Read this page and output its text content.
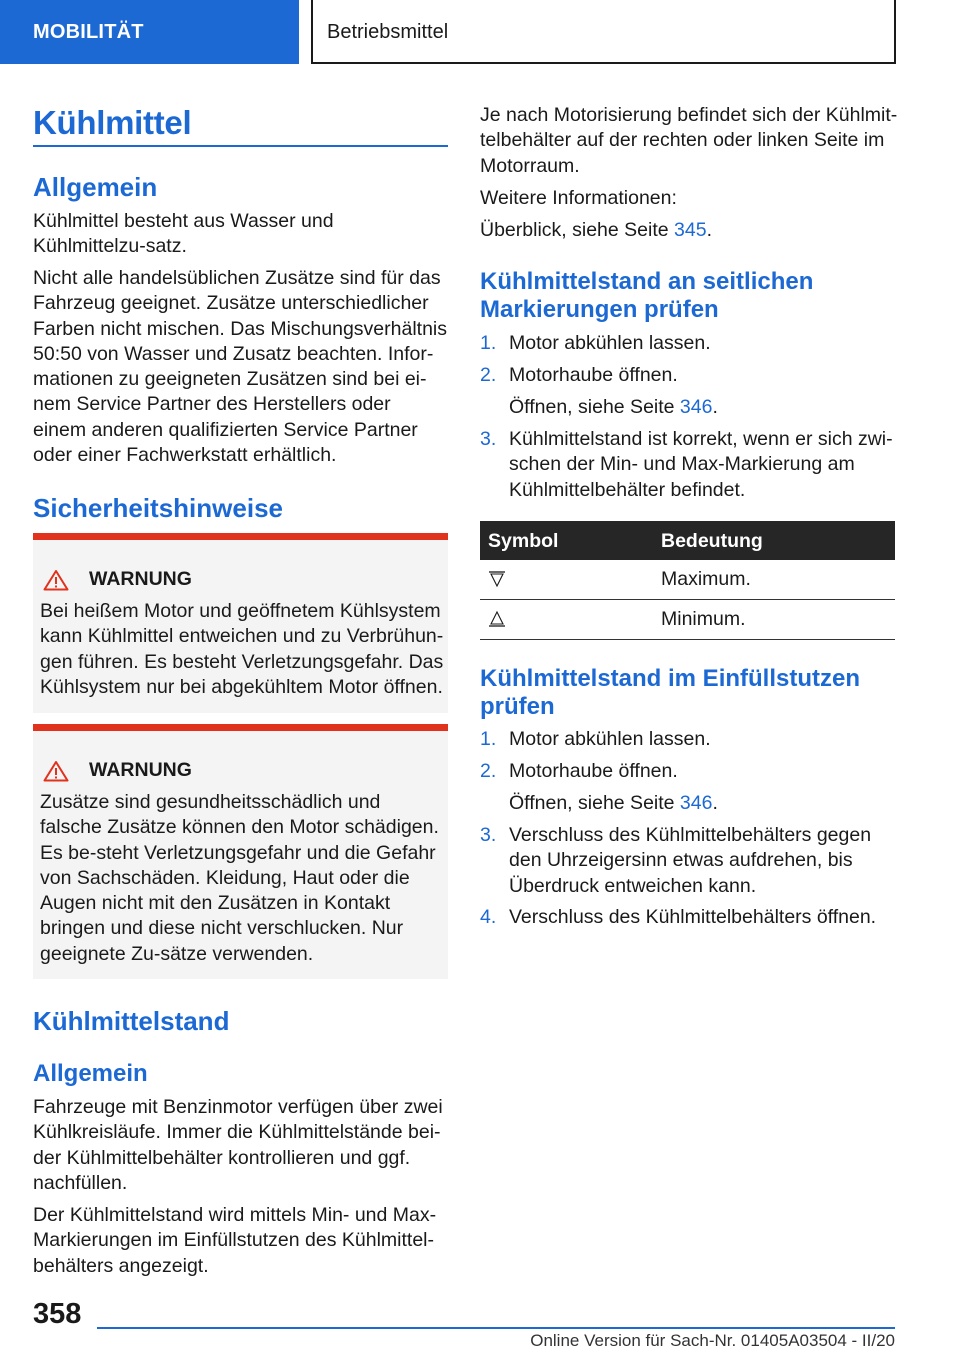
MOBILITÄT	Betriebsmittel
Kühlmittel
Allgemein
Kühlmittel besteht aus Wasser und Kühlmittelzu-satz.
Nicht alle handelsüblichen Zusätze sind für das Fahrzeug geeignet. Zusätze unterschiedlicher Farben nicht mischen. Das Mischungsverhältnis 50:50 von Wasser und Zusatz beachten. Infor-mationen zu geeigneten Zusätzen sind bei ei-nem Service Partner des Herstellers oder einem anderen qualifizierten Service Partner oder einer Fachwerkstatt erhältlich.
Sicherheitshinweise
WARNUNG
Bei heißem Motor und geöffnetem Kühlsystem kann Kühlmittel entweichen und zu Verbrühun-gen führen. Es besteht Verletzungsgefahr. Das Kühlsystem nur bei abgekühltem Motor öffnen.
WARNUNG
Zusätze sind gesundheitsschädlich und falsche Zusätze können den Motor schädigen. Es be-steht Verletzungsgefahr und die Gefahr von Sachschäden. Kleidung, Haut oder die Augen nicht mit den Zusätzen in Kontakt bringen und diese nicht verschlucken. Nur geeignete Zu-sätze verwenden.
Kühlmittelstand
Allgemein
Fahrzeuge mit Benzinmotor verfügen über zwei Kühlkreisläufe. Immer die Kühlmittelstände bei-der Kühlmittelbehälter kontrollieren und ggf. nachfüllen.
Der Kühlmittelstand wird mittels Min- und Max-Markierungen im Einfüllstutzen des Kühlmittel-behälters angezeigt.
Je nach Motorisierung befindet sich der Kühlmit-telbehälter auf der rechten oder linken Seite im Motorraum.
Weitere Informationen:
Überblick, siehe Seite 345.
Kühlmittelstand an seitlichen Markierungen prüfen
1. Motor abkühlen lassen.
2. Motorhaube öffnen.
Öffnen, siehe Seite 346.
3. Kühlmittelstand ist korrekt, wenn er sich zwi-schen der Min- und Max-Markierung am Kühlmittelbehälter befindet.
Symbol	Bedeutung
Maximum.
Minimum.
Kühlmittelstand im Einfüllstutzen prüfen
1. Motor abkühlen lassen.
2. Motorhaube öffnen.
Öffnen, siehe Seite 346.
3. Verschluss des Kühlmittelbehälters gegen den Uhrzeigersinn etwas aufdrehen, bis Überdruck entweichen kann.
4. Verschluss des Kühlmittelbehälters öffnen.
358
Online Version für Sach-Nr. 01405A03504 - II/20
